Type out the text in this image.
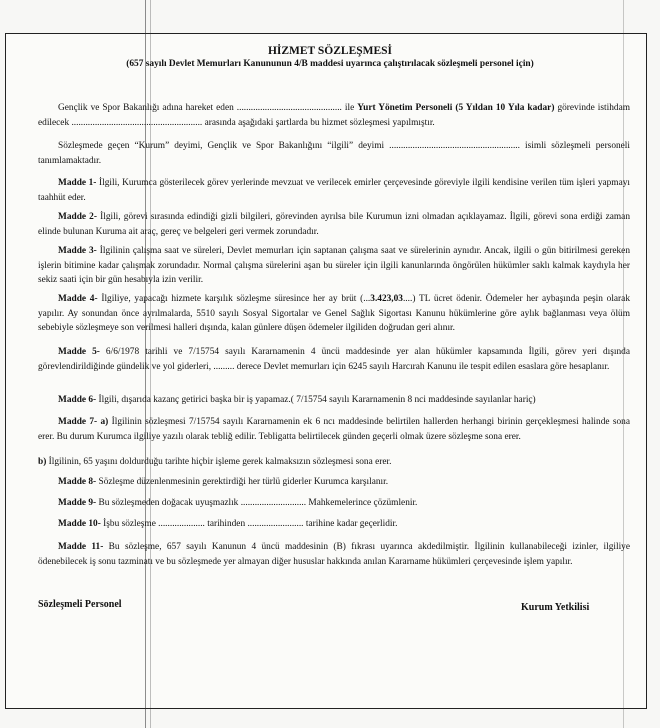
HİZMET SÖZLEŞMESİ
(657 sayılı Devlet Memurları Kanununun 4/B maddesi uyarınca çalıştırılacak sözleşmeli personel için)
Gençlik ve Spor Bakanlığı adına hareket eden ............................................. ile Yurt Yönetim Personeli (5 Yıldan 10 Yıla kadar) görevinde istihdam edilecek ........................................................ arasında aşağıdaki şartlarda bu hizmet sözleşmesi yapılmıştır.
Sözleşmede geçen “Kurum” deyimi, Gençlik ve Spor Bakanlığını “ilgili” deyimi ........................................................ isimli sözleşmeli personeli tanımlamaktadır.
Madde 1- İlgili, Kurumca gösterilecek görev yerlerinde mevzuat ve verilecek emirler çerçevesinde göreviyle ilgili kendisine verilen tüm işleri yapmayı taahhüt eder.
Madde 2- İlgili, görevi sırasında edindiği gizli bilgileri, görevinden ayrılsa bile Kurumun izni olmadan açıklayamaz. İlgili, görevi sona erdiği zaman elinde bulunan Kuruma ait araç, gereç ve belgeleri geri vermek zorundadır.
Madde 3- İlgilinin çalışma saat ve süreleri, Devlet memurları için saptanan çalışma saat ve sürelerinin aynıdır. Ancak, ilgili o gün bitirilmesi gereken işlerin bitimine kadar çalışmak zorundadır. Normal çalışma sürelerini aşan bu süreler için ilgili kanunlarında öngörülen hükümler saklı kalmak kaydıyla her sekiz saati için bir gün hesabıyla izin verilir.
Madde 4- İlgiliye, yapacağı hizmete karşılık sözleşme süresince her ay brüt (...3.423,03....) TL ücret ödenir. Ödemeler her aybaşında peşin olarak yapılır. Ay sonundan önce ayrılmalarda, 5510 sayılı Sosyal Sigortalar ve Genel Sağlık Sigortası Kanunu hükümlerine göre aylık bağlanması veya ölüm sebebiyle sözleşmeye son verilmesi halleri dışında, kalan günlere düşen ödemeler ilgiliden doğrudan geri alınır.
Madde 5- 6/6/1978 tarihli ve 7/15754 sayılı Kararnamenin 4 üncü maddesinde yer alan hükümler kapsamında İlgili, görev yeri dışında görevlendirildiğinde gündelik ve yol giderleri, ......... derece Devlet memurları için 6245 sayılı Harcırah Kanunu ile tespit edilen esaslara göre hesaplanır.
Madde 6- İlgili, dışarıda kazanç getirici başka bir iş yapamaz.( 7/15754 sayılı Kararnamenin 8 nci maddesinde sayılanlar hariç)
Madde 7- a) İlgilinin sözleşmesi 7/15754 sayılı Kararnamenin ek 6 ncı maddesinde belirtilen hallerden herhangi birinin gerçekleşmesi halinde sona erer. Bu durum Kurumca ilgiliye yazılı olarak tebliğ edilir. Tebligatta belirtilecek günden geçerli olmak üzere sözleşme sona erer.
b) İlgilinin, 65 yaşını doldurduğu tarihte hiçbir işleme gerek kalmaksızın sözleşmesi sona erer.
Madde 8- Sözleşme düzenlenmesinin gerektirdiği her türlü giderler Kurumca karşılanır.
Madde 9- Bu sözleşmeden doğacak uyuşmazlık ............................ Mahkemelerince çözümlenir.
Madde 10- İşbu sözleşme .................... tarihinden ........................ tarihine kadar geçerlidir.
Madde 11- Bu sözleşme, 657 sayılı Kanunun 4 üncü maddesinin (B) fıkrası uyarınca akdedilmiştir. İlgilinin kullanabileceği izinler, ilgiliye ödenebilecek iş sonu tazminatı ve bu sözleşmede yer almayan diğer hususlar hakkında anılan Kararname hükümleri çerçevesinde işlem yapılır.
Sözleşmeli Personel	Kurum Yetkilisi
